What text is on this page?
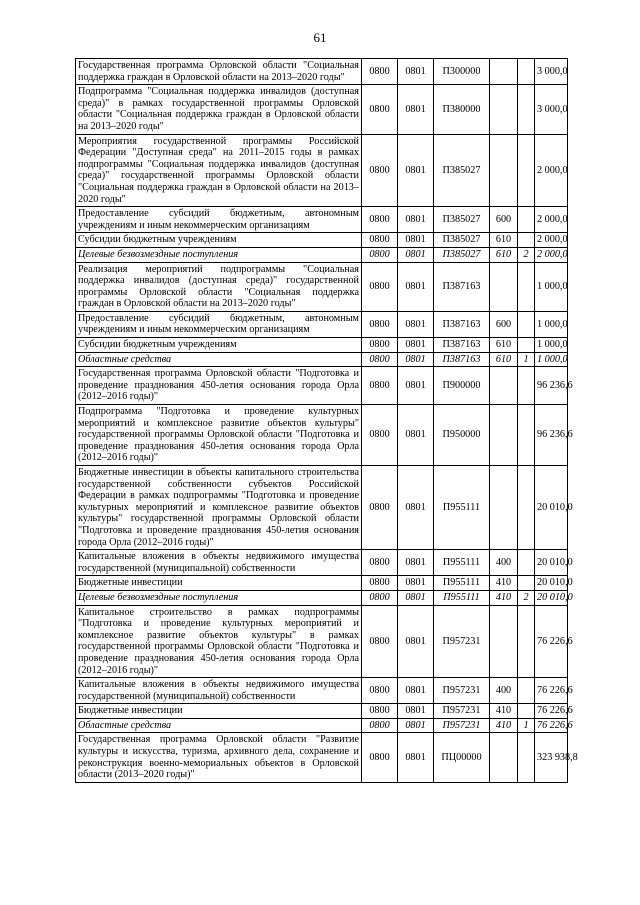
61
Государственная программа Орловской области "Социальная поддержка граждан в Орловской области на 2013–2020 годы"	0800	0801	П300000			3 000,0
Подпрограмма "Социальная поддержка инвалидов (доступная среда)" в рамках государственной программы Орловской области "Социальная поддержка граждан в Орловской области на 2013–2020 годы"	0800	0801	П380000			3 000,0
Мероприятия государственной программы Российской Федерации "Доступная среда" на 2011–2015 годы в рамках подпрограммы "Социальная поддержка инвалидов (доступная среда)" государственной программы Орловской области "Социальная поддержка граждан в Орловской области на 2013–2020 годы"	0800	0801	П385027			2 000,0
Предоставление субсидий бюджетным, автономным учреждениям и иным некоммерческим организациям	0800	0801	П385027	600		2 000,0
Субсидии бюджетным учреждениям	0800	0801	П385027	610		2 000,0
Целевые безвозмездные поступления	0800	0801	П385027	610	2	2 000,0
Реализация мероприятий подпрограммы "Социальная поддержка инвалидов (доступная среда)" государственной программы Орловской области "Социальная поддержка граждан в Орловской области на 2013–2020 годы"	0800	0801	П387163			1 000,0
Предоставление субсидий бюджетным, автономным учреждениям и иным некоммерческим организациям	0800	0801	П387163	600		1 000,0
Субсидии бюджетным учреждениям	0800	0801	П387163	610		1 000,0
Областные средства	0800	0801	П387163	610	1	1 000,0
Государственная программа Орловской области "Подготовка и проведение празднования 450-летия основания города Орла (2012–2016 годы)"	0800	0801	П900000			96 236,6
Подпрограмма "Подготовка и проведение культурных мероприятий и комплексное развитие объектов культуры" государственной программы Орловской области "Подготовка и проведение празднования 450-летия основания города Орла (2012–2016 годы)"	0800	0801	П950000			96 236,6
Бюджетные инвестиции в объекты капитального строительства государственной собственности субъектов Российской Федерации в рамках подпрограммы "Подготовка и проведение культурных мероприятий и комплексное развитие объектов культуры" государственной программы Орловской области "Подготовка и проведение празднования 450-летия основания города Орла (2012–2016 годы)"	0800	0801	П955111			20 010,0
Капитальные вложения в объекты недвижимого имущества государственной (муниципальной) собственности	0800	0801	П955111	400		20 010,0
Бюджетные инвестиции	0800	0801	П955111	410		20 010,0
Целевые безвозмездные поступления	0800	0801	П955111	410	2	20 010,0
Капитальное строительство в рамках подпрограммы "Подготовка и проведение культурных мероприятий и комплексное развитие объектов культуры" в рамках государственной программы Орловской области "Подготовка и проведение празднования 450-летия основания города Орла (2012–2016 годы)"	0800	0801	П957231			76 226,6
Капитальные вложения в объекты недвижимого имущества государственной (муниципальной) собственности	0800	0801	П957231	400		76 226,6
Бюджетные инвестиции	0800	0801	П957231	410		76 226,6
Областные средства	0800	0801	П957231	410	1	76 226,6
Государственная программа Орловской области "Развитие культуры и искусства, туризма, архивного дела, сохранение и реконструкция военно-мемориальных объектов в Орловской области (2013–2020 годы)"	0800	0801	ПЦ00000			323 938,8
